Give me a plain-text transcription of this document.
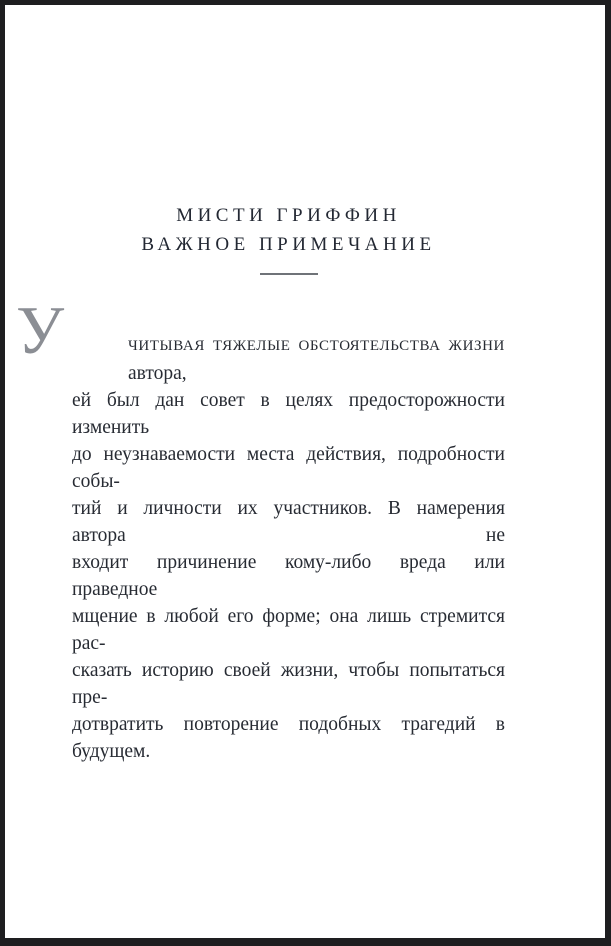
МИСТИ ГРИФФИН
ВАЖНОЕ ПРИМЕЧАНИЕ
У	ЧИТЫВАЯ ТЯЖЕЛЫЕ ОБСТОЯТЕЛЬСТВА ЖИЗНИ автора,
ей был дан совет в целях предосторожности изменить
до неузнаваемости места действия, подробности собы-
тий и личности их участников. В намерения автора не
входит причинение кому-либо вреда или праведное
мщение в любой его форме; она лишь стремится рас-
сказать историю своей жизни, чтобы попытаться пре-
дотвратить повторение подобных трагедий в будущем.
